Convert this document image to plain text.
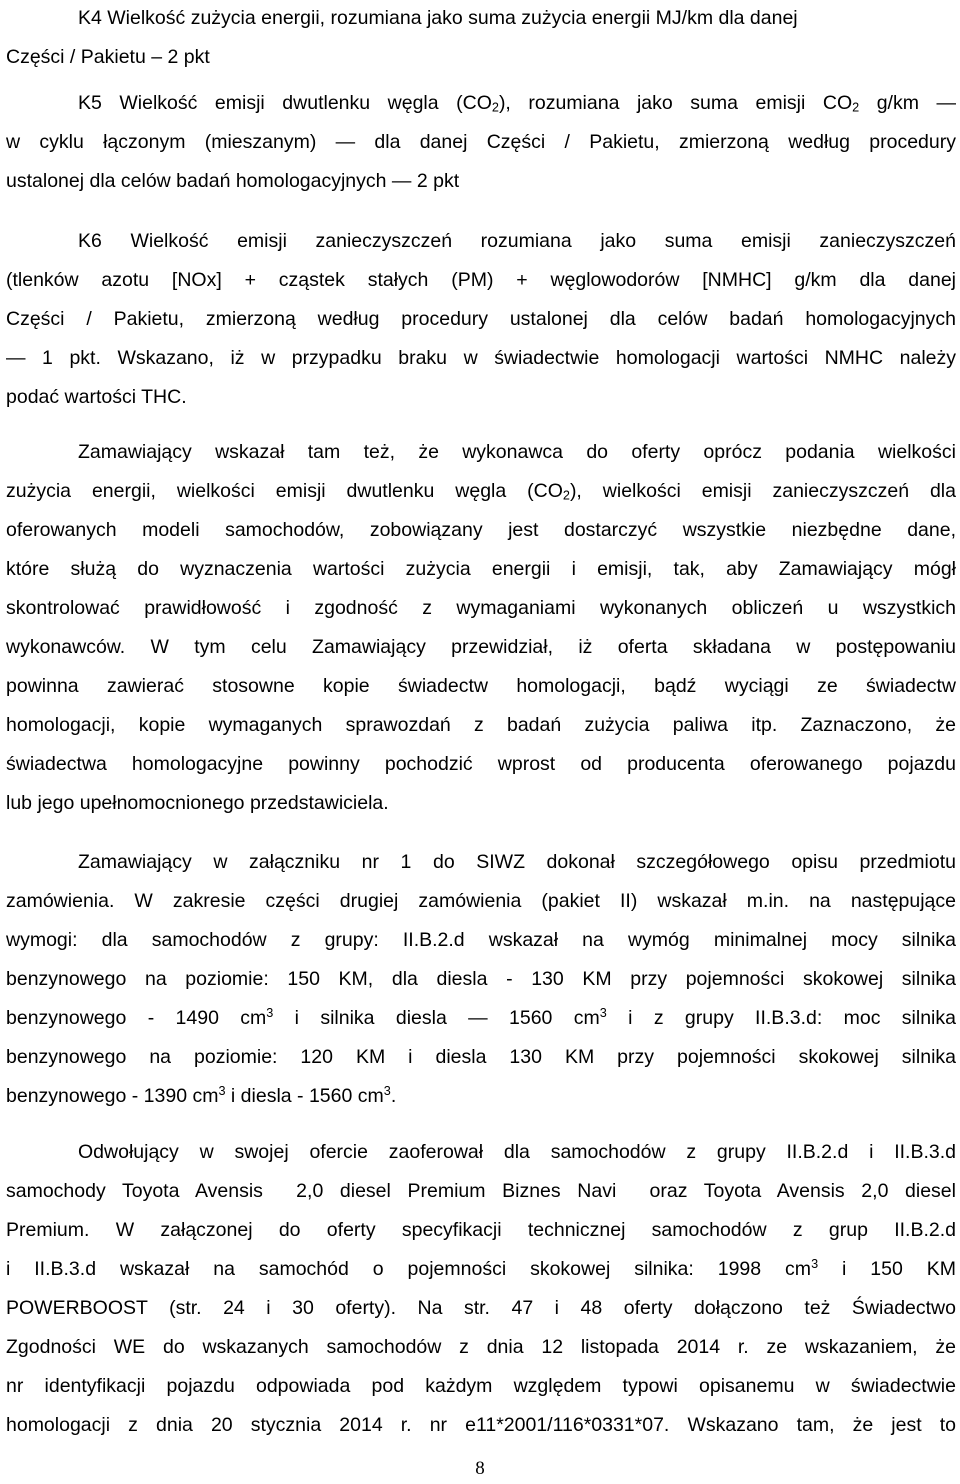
K4 Wielkość zużycia energii, rozumiana jako suma zużycia energii MJ/km dla danej

Części / Pakietu – 2 pkt

K5 Wielkość emisji dwutlenku węgla $(CO_2)$, rozumiana jako suma emisji $CO_2$ g/km —

w cyklu łączonym (mieszanym) — dla danej Części / Pakietu, zmierzoną według procedury

ustalonej dla celów badań homologacyjnych — 2 pkt

K6 Wielkość emisji zanieczyszczeń rozumiana jako suma emisji zanieczyszczeń

(tlenków azotu [NOx] + cząstek stałych (PM) + węglowodorów [NMHC] g/km dla danej

Części / Pakietu, zmierzoną według procedury ustalonej dla celów badań homologacyjnych

— 1 pkt. Wskazano, iż w przypadku braku w świadectwie homologacji wartości NMHC należy

podać wartości THC.

Zamawiający wskazał tam też, że wykonawca do oferty oprócz podania wielkości

zużycia energii, wielkości emisji dwutlenku węgla $(CO_2)$, wielkości emisji zanieczyszczeń dla

oferowanych modeli samochodów, zobowiązany jest dostarczyć wszystkie niezbędne dane,

które służą do wyznaczenia wartości zużycia energii i emisji, tak, aby Zamawiający mógł

skontrolować prawidłowość i zgodność z wymaganiami wykonanych obliczeń u wszystkich

wykonawców. W tym celu Zamawiający przewidział, iż oferta składana w postępowaniu

powinna zawierać stosowne kopie świadectw homologacji, bądź wyciągi ze świadectw

homologacji, kopie wymaganych sprawozdań z badań zużycia paliwa itp. Zaznaczono, że

świadectwa homologacyjne powinny pochodzić wprost od producenta oferowanego pojazdu

lub jego upełnomocnionego przedstawiciela.

Zamawiający w załączniku nr 1 do SIWZ dokonał szczegółowego opisu przedmiotu

zamówienia. W zakresie części drugiej zamówienia (pakiet II) wskazał m.in. na następujące

wymogi: dla samochodów z grupy: II.B.2.d wskazał na wymóg minimalnej mocy silnika

benzynowego na poziomie: 150 KM, dla diesla - 130 KM przy pojemności skokowej silnika

benzynowego - 1490 $cm^3$ i silnika diesla — 1560 $cm^3$ i z grupy II.B.3.d: moc silnika

benzynowego na poziomie: 120 KM i diesla 130 KM przy pojemności skokowej silnika

benzynowego - 1390 $cm^3$ i diesla - 1560 $cm^3$.

Odwołujący w swojej ofercie zaoferował dla samochodów z grupy II.B.2.d i II.B.3.d

samochody Toyota Avensis  2,0 diesel Premium Biznes Navi  oraz Toyota Avensis 2,0 diesel

Premium. W załączonej do oferty specyfikacji technicznej samochodów z grup II.B.2.d

i II.B.3.d wskazał na samochód o pojemności skokowej silnika: 1998 $cm^3$ i 150 KM

POWERBOOST (str. 24 i 30 oferty). Na str. 47 i 48 oferty dołączono też Świadectwo

Zgodności WE do wskazanych samochodów z dnia 12 listopada 2014 r. ze wskazaniem, że

nr identyfikacji pojazdu odpowiada pod każdym względem typowi opisanemu w świadectwie

homologacji z dnia 20 stycznia 2014 r. nr e11*2001/116*0331*07. Wskazano tam, że jest to

8
